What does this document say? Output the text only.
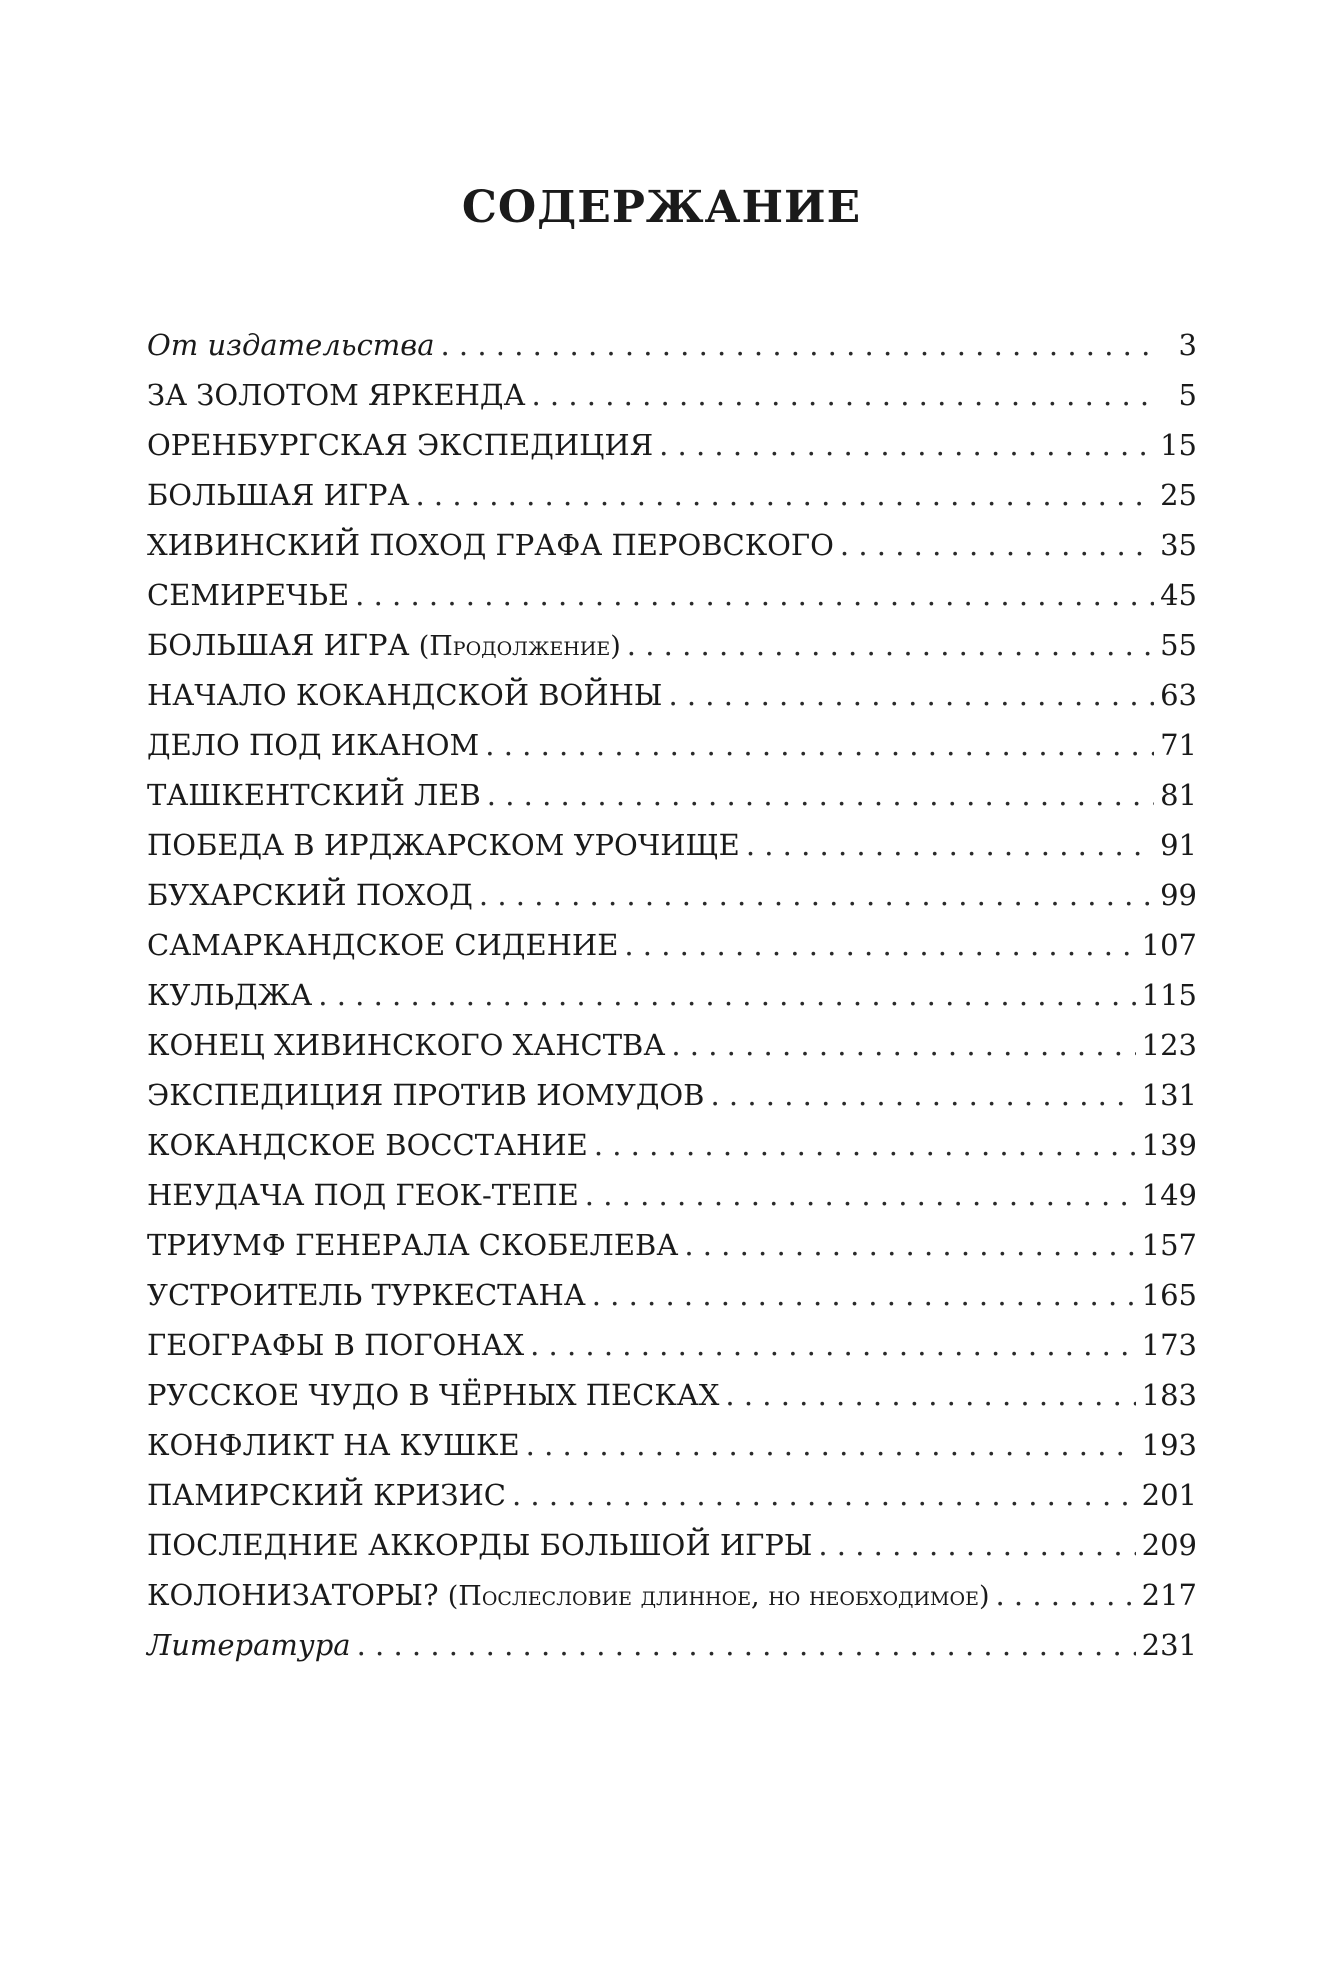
СОДЕРЖАНИЕ
От издательства . . .	3
ЗА ЗОЛОТОМ ЯРКЕНДА . . .	5
ОРЕНБУРГСКАЯ ЭКСПЕДИЦИЯ . . .	15
БОЛЬШАЯ ИГРА . . .	25
ХИВИНСКИЙ ПОХОД ГРАФА ПЕРОВСКОГО . . .	35
СЕМИРЕЧЬЕ . . .	45
БОЛЬШАЯ ИГРА (Продолжение) . . .	55
НАЧАЛО КОКАНДСКОЙ ВОЙНЫ . . .	63
ДЕЛО ПОД ИКАНОМ . . .	71
ТАШКЕНТСКИЙ ЛЕВ . . .	81
ПОБЕДА В ИРДЖАРСКОМ УРОЧИЩЕ . . .	91
БУХАРСКИЙ ПОХОД . . .	99
САМАРКАНДСКОЕ СИДЕНИЕ . . .	107
КУЛЬДЖА . . .	115
КОНЕЦ ХИВИНСКОГО ХАНСТВА . . .	123
ЭКСПЕДИЦИЯ ПРОТИВ ИОМУДОВ . . .	131
КОКАНДСКОЕ ВОССТАНИЕ . . .	139
НЕУДАЧА ПОД ГЕОК-ТЕПЕ . . .	149
ТРИУМФ ГЕНЕРАЛА СКОБЕЛЕВА . . .	157
УСТРОИТЕЛЬ ТУРКЕСТАНА . . .	165
ГЕОГРАФЫ В ПОГОНАХ . . .	173
РУССКОЕ ЧУДО В ЧЁРНЫХ ПЕСКАХ . . .	183
КОНФЛИКТ НА КУШКЕ . . .	193
ПАМИРСКИЙ КРИЗИС . . .	201
ПОСЛЕДНИЕ АККОРДЫ БОЛЬШОЙ ИГРЫ . . .	209
КОЛОНИЗАТОРЫ? (Послесловие длинное, но необходимое) . . .	217
Литература . . .	231
